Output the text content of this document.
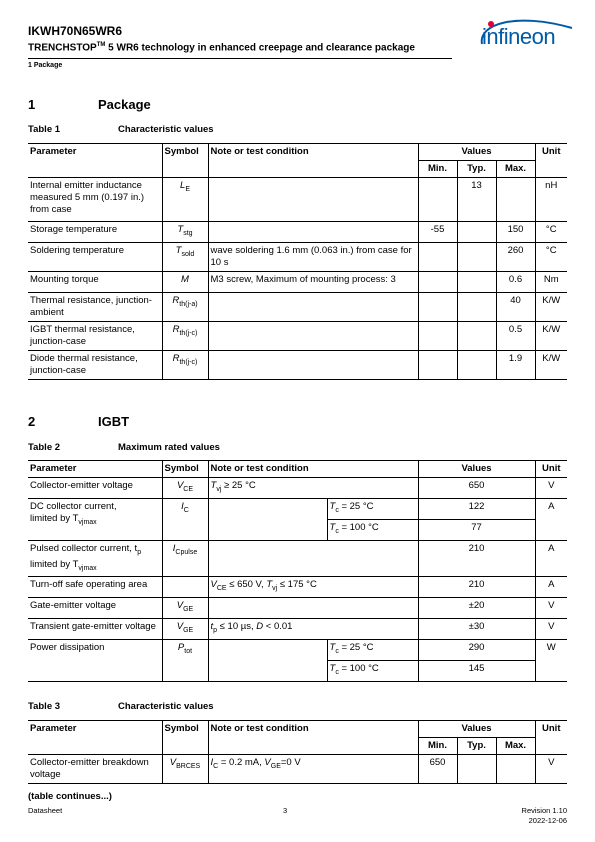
IKWH70N65WR6
TRENCHSTOP™ 5 WR6 technology in enhanced creepage and clearance package
1 Package
infineon
1	Package
Table 1	Characteristic values
Parameter	Symbol	Note or test condition	Values			Unit
			Min.	Typ.	Max.	
Internal emitter inductance measured 5 mm (0.197 in.) from case	$L_E$			13		nH
Storage temperature	$T_{stg}$		-55		150	°C
Soldering temperature	$T_{sold}$	wave soldering 1.6 mm (0.063 in.) from case for 10 s			260	°C
Mounting torque	M	M3 screw, Maximum of mounting process: 3			0.6	Nm
Thermal resistance, junction-ambient	$R_{th(j-a)}$				40	K/W
IGBT thermal resistance, junction-case	$R_{th(j-c)}$				0.5	K/W
Diode thermal resistance, junction-case	$R_{th(j-c)}$				1.9	K/W
2	IGBT
Table 2	Maximum rated values
Parameter	Symbol	Note or test condition		Values	Unit
Collector-emitter voltage	$V_{CE}$	$T_{vj} \ge 25$ °C		650	V
DC collector current,
limited by $T_{vjmax}$	$I_C$		$T_c = 25$ °C	122	A
			$T_c = 100$ °C	77	
Pulsed collector current, $t_p$
limited by $T_{vjmax}$	$I_{Cpulse}$			210	A
Turn-off safe operating area		$V_{CE} \le 650$ V, $T_{vj} \le 175$ °C		210	A
Gate-emitter voltage	$V_{GE}$			±20	V
Transient gate-emitter voltage	$V_{GE}$	$t_p \le 10$ µs, D < 0.01		±30	V
Power dissipation	$P_{tot}$		$T_c = 25$ °C	290	W
			$T_c = 100$ °C	145	
Table 3	Characteristic values
Parameter	Symbol	Note or test condition	Values			Unit
			Min.	Typ.	Max.	
Collector-emitter breakdown voltage	$V_{BRCES}$	$I_C = 0.2$ mA, $V_{GE}=0$ V	650			V
(table continues...)
Datasheet	3	Revision 1.10
2022-12-06
